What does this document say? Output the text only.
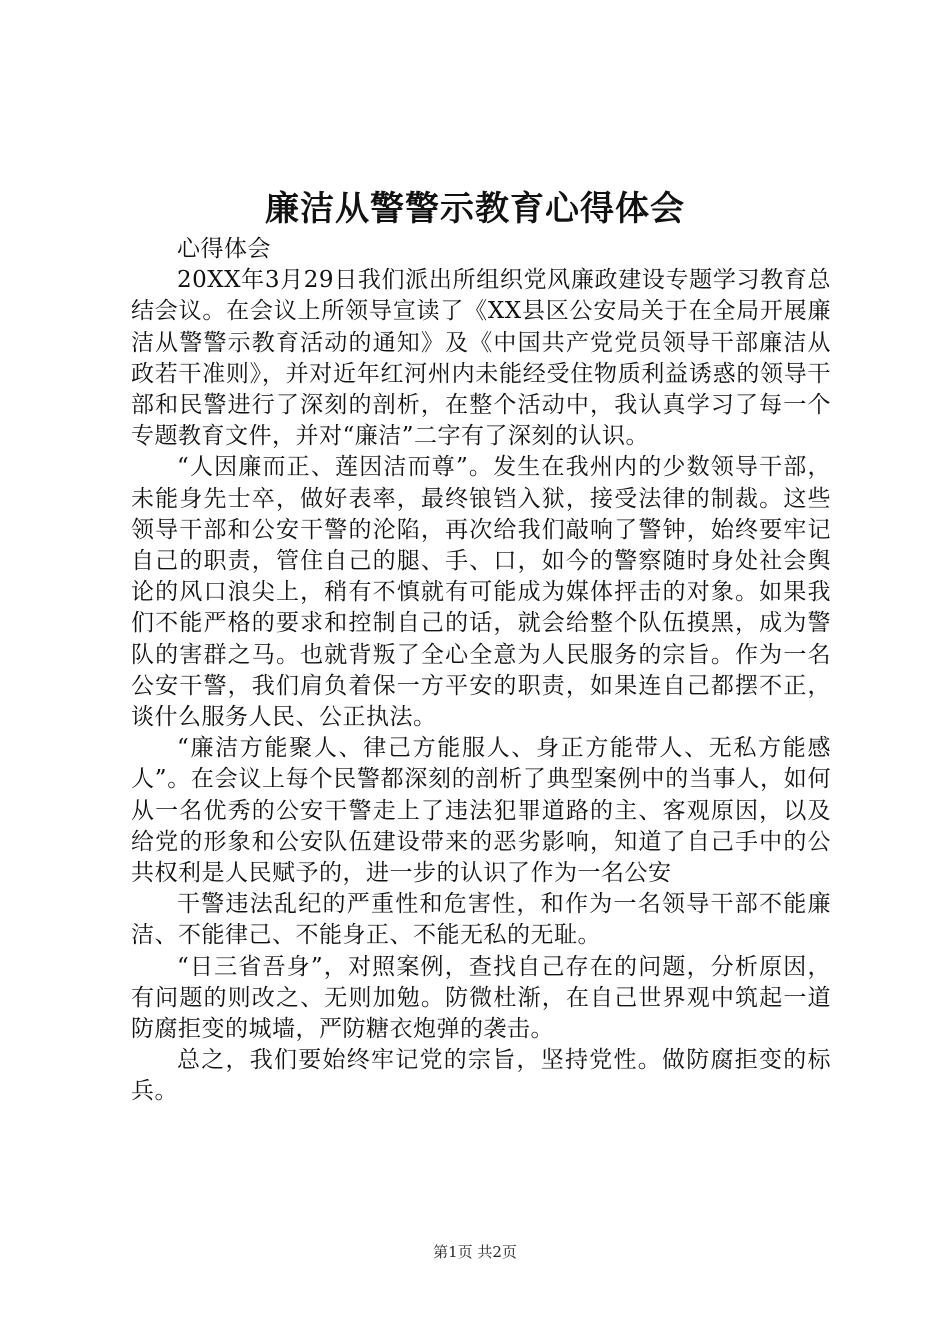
廉洁从警警示教育心得体会

心得体会

20XX年3月29日我们派出所组织党风廉政建设专题学习教育总结会议。在会议上所领导宣读了《XX县区公安局关于在全局开展廉洁从警警示教育活动的通知》及《中国共产党党员领导干部廉洁从政若干准则》，并对近年红河州内未能经受住物质利益诱惑的领导干部和民警进行了深刻的剖析，在整个活动中，我认真学习了每一个专题教育文件，并对“廉洁”二字有了深刻的认识。

“人因廉而正、莲因洁而尊”。发生在我州内的少数领导干部，未能身先士卒，做好表率，最终锒铛入狱，接受法律的制裁。这些领导干部和公安干警的沦陷，再次给我们敲响了警钟，始终要牢记自己的职责，管住自己的腿、手、口，如今的警察随时身处社会舆论的风口浪尖上，稍有不慎就有可能成为媒体抨击的对象。如果我们不能严格的要求和控制自己的话，就会给整个队伍摸黑，成为警队的害群之马。也就背叛了全心全意为人民服务的宗旨。作为一名公安干警，我们肩负着保一方平安的职责，如果连自己都摆不正，谈什么服务人民、公正执法。

“廉洁方能聚人、律己方能服人、身正方能带人、无私方能感人”。在会议上每个民警都深刻的剖析了典型案例中的当事人，如何从一名优秀的公安干警走上了违法犯罪道路的主、客观原因，以及给党的形象和公安队伍建设带来的恶劣影响，知道了自己手中的公共权利是人民赋予的，进一步的认识了作为一名公安

干警违法乱纪的严重性和危害性，和作为一名领导干部不能廉洁、不能律己、不能身正、不能无私的无耻。

“日三省吾身”，对照案例，查找自己存在的问题，分析原因，有问题的则改之、无则加勉。防微杜渐，在自己世界观中筑起一道防腐拒变的城墙，严防糖衣炮弹的袭击。

总之，我们要始终牢记党的宗旨，坚持党性。做防腐拒变的标兵。

第1页 共2页
